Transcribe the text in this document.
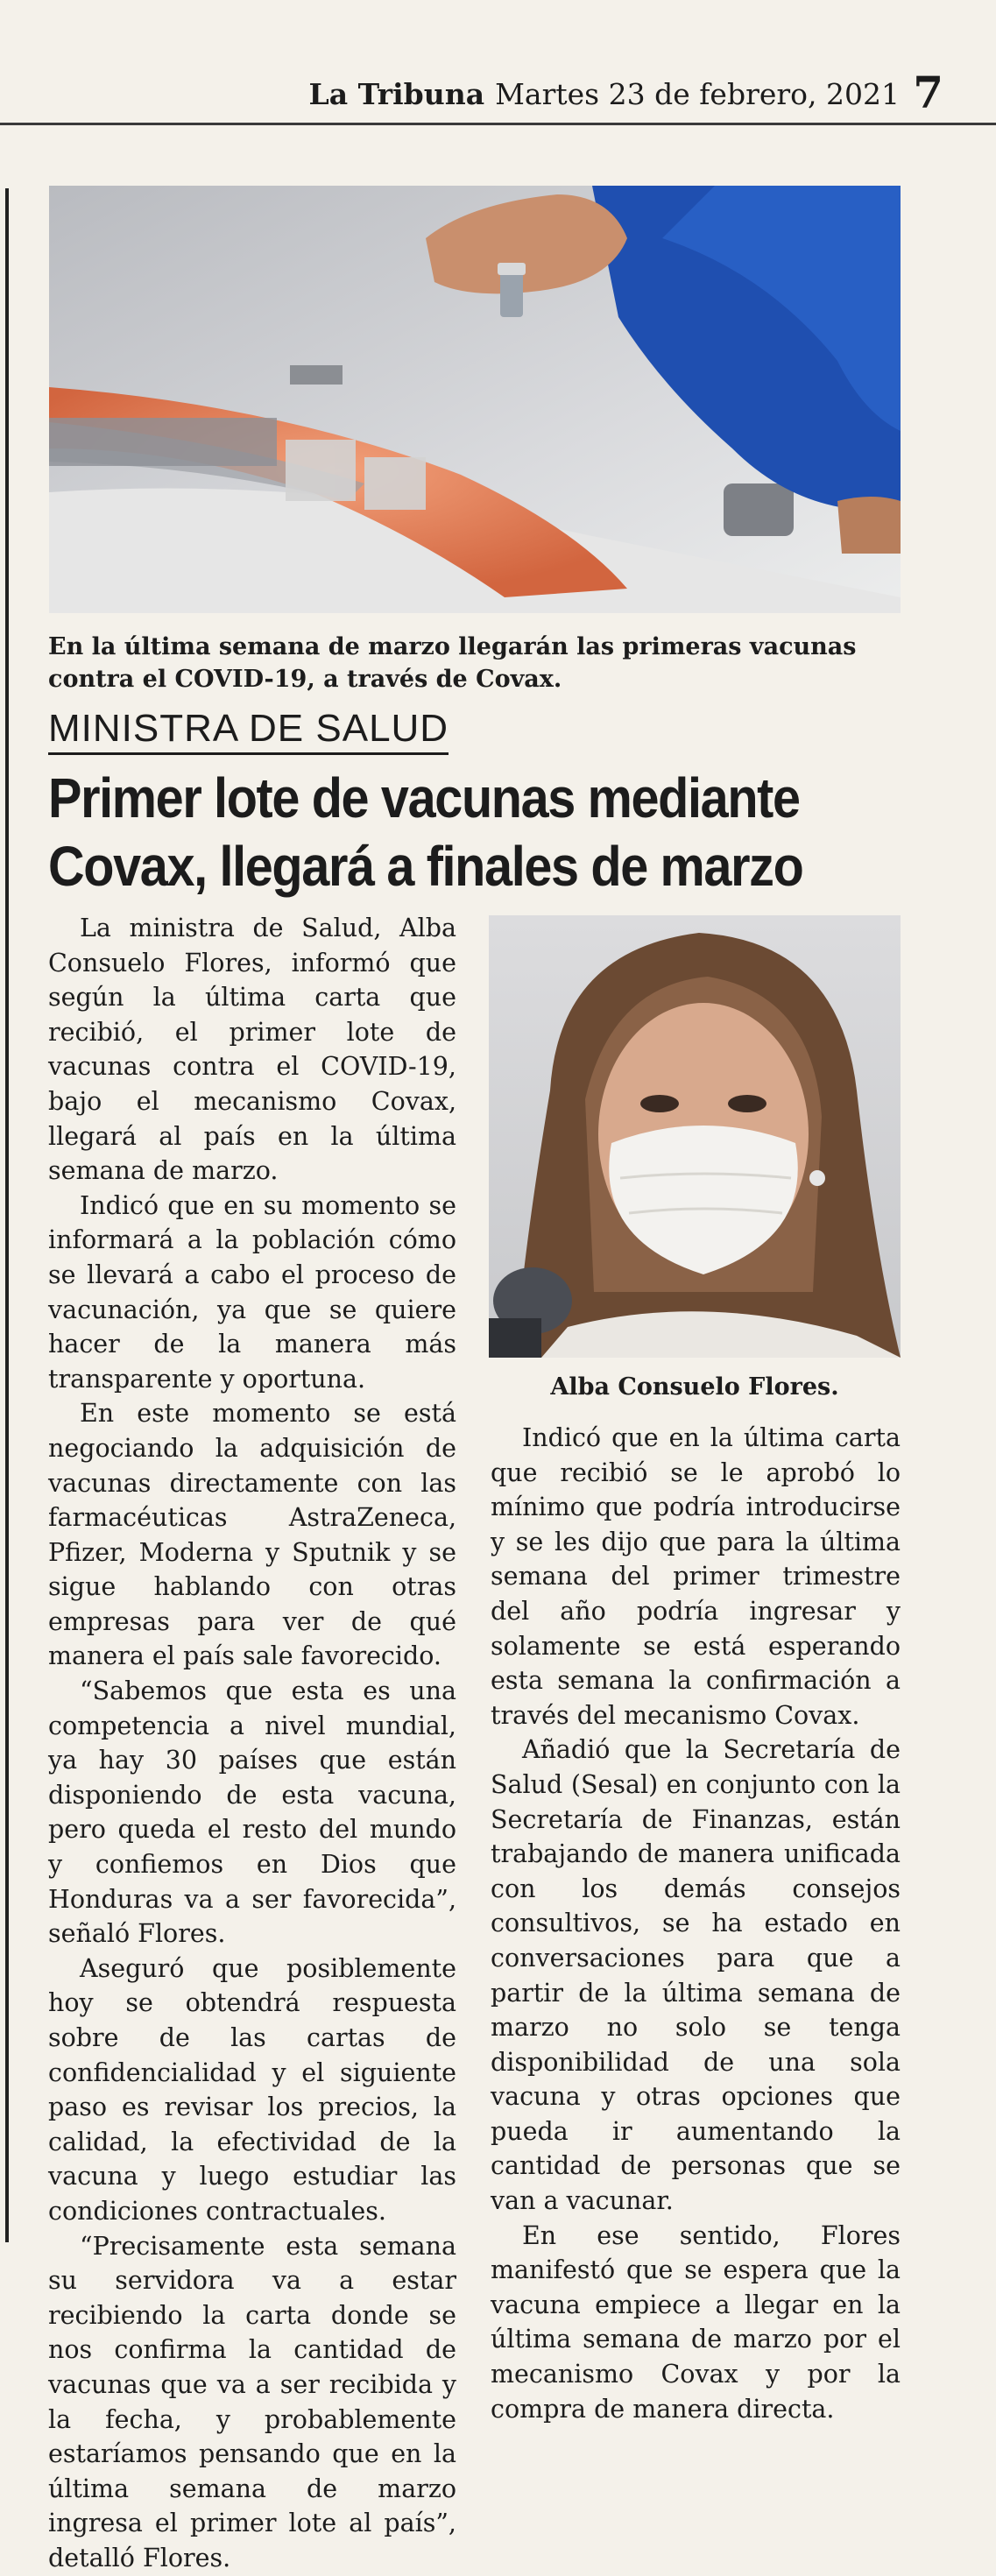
La Tribuna Martes 23 de febrero, 2021 7
En la última semana de marzo llegarán las primeras vacunas contra el COVID-19, a través de Covax.
MINISTRA DE SALUD
Primer lote de vacunas mediante
Covax, llegará a finales de marzo

La ministra de Salud, Alba Consuelo Flores, informó que según la última carta que recibió, el primer lote de vacunas contra el COVID-19, bajo el mecanismo Covax, llegará al país en la última semana de marzo.

Indicó que en su momento se informará a la población cómo se llevará a cabo el proceso de vacunación, ya que se quiere hacer de la manera más transparente y oportuna.

En este momento se está negociando la adquisición de vacunas directamente con las farmacéuticas AstraZeneca, Pfizer, Moderna y Sputnik y se sigue hablando con otras empresas para ver de qué manera el país sale favorecido.

“Sabemos que esta es una competencia a nivel mundial, ya hay 30 países que están disponiendo de esta vacuna, pero queda el resto del mundo y confiemos en Dios que Honduras va a ser favorecida”, señaló Flores.

Aseguró que posiblemente hoy se obtendrá respuesta sobre de las cartas de confidencialidad y el siguiente paso es revisar los precios, la calidad, la efectividad de la vacuna y luego estudiar las condiciones contractuales.

“Precisamente esta semana su servidora va a estar recibiendo la carta donde se nos confirma la cantidad de vacunas que va a ser recibida y la fecha, y probablemente estaríamos pensando que en la última semana de marzo ingresa el primer lote al país”, detalló Flores.

Alba Consuelo Flores.

Indicó que en la última carta que recibió se le aprobó lo mínimo que podría introducirse y se les dijo que para la última semana del primer trimestre del año podría ingresar y solamente se está esperando esta semana la confirmación a través del mecanismo Covax.

Añadió que la Secretaría de Salud (Sesal) en conjunto con la Secretaría de Finanzas, están trabajando de manera unificada con los demás consejos consultivos, se ha estado en conversaciones para que a partir de la última semana de marzo no solo se tenga disponibilidad de una sola vacuna y otras opciones que pueda ir aumentando la cantidad de personas que se van a vacunar.

En ese sentido, Flores manifestó que se espera que la vacuna empiece a llegar en la última semana de marzo por el mecanismo Covax y por la compra de manera directa.
